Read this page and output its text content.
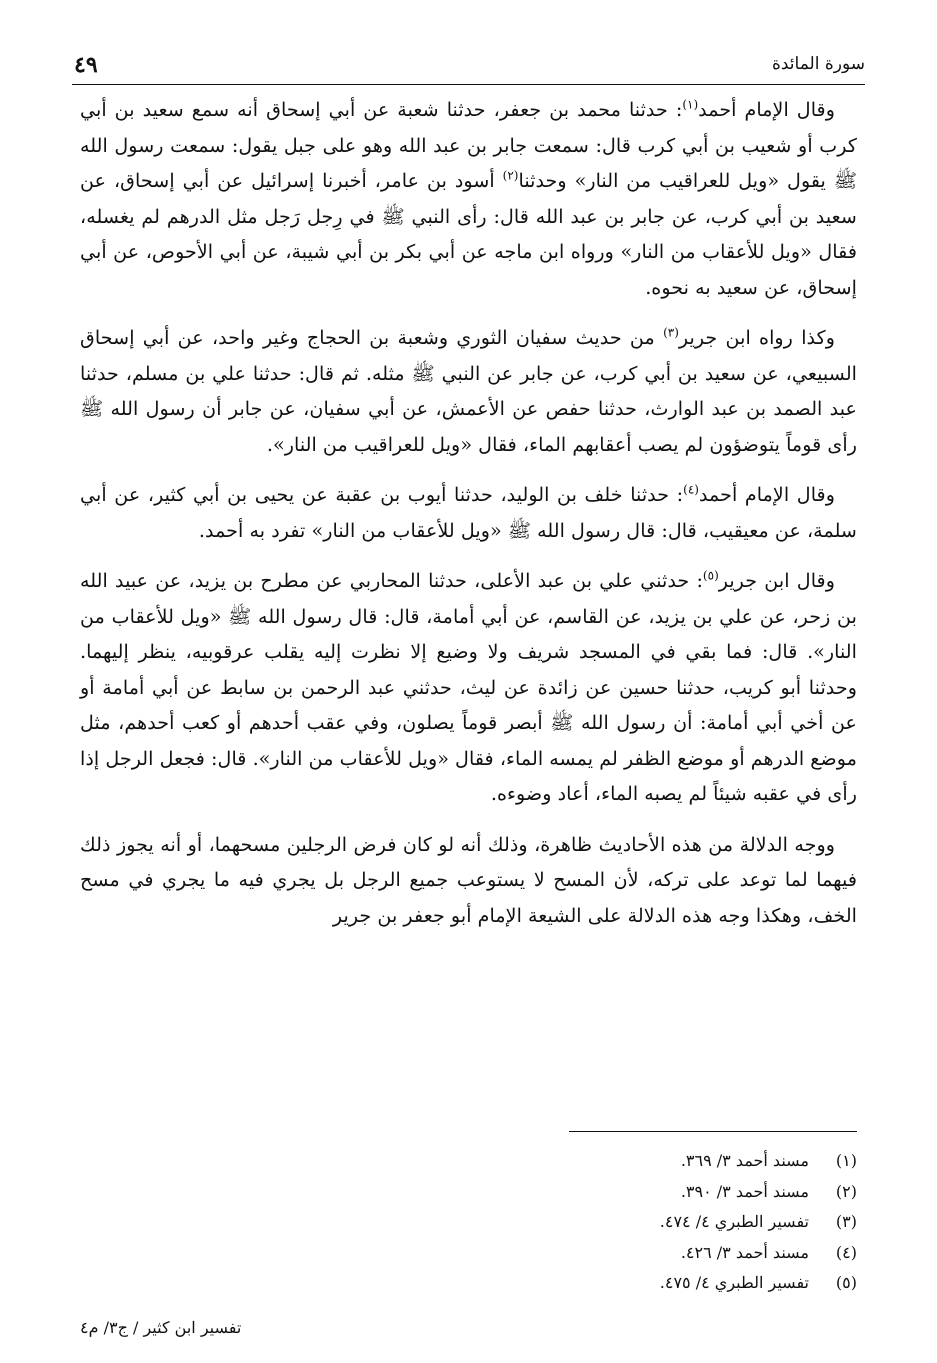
سورة المائدة
٤٩

وقال الإمام أحمد$^{(١)}$: حدثنا محمد بن جعفر، حدثنا شعبة عن أبي إسحاق أنه سمع سعيد بن أبي كرب أو شعيب بن أبي كرب قال: سمعت جابر بن عبد الله وهو على جبل يقول: سمعت رسول الله ﷺ يقول «ويل للعراقيب من النار» وحدثنا$^{(٢)}$ أسود بن عامر، أخبرنا إسرائيل عن أبي إسحاق، عن سعيد بن أبي كرب، عن جابر بن عبد الله قال: رأى النبي ﷺ في رِجل رَجل مثل الدرهم لم يغسله، فقال «ويل للأعقاب من النار» ورواه ابن ماجه عن أبي بكر بن أبي شيبة، عن أبي الأحوص، عن أبي إسحاق، عن سعيد به نحوه.

وكذا رواه ابن جرير$^{(٣)}$ من حديث سفيان الثوري وشعبة بن الحجاج وغير واحد، عن أبي إسحاق السبيعي، عن سعيد بن أبي كرب، عن جابر عن النبي ﷺ مثله. ثم قال: حدثنا علي بن مسلم، حدثنا عبد الصمد بن عبد الوارث، حدثنا حفص عن الأعمش، عن أبي سفيان، عن جابر أن رسول الله ﷺ رأى قوماً يتوضؤون لم يصب أعقابهم الماء، فقال «ويل للعراقيب من النار».

وقال الإمام أحمد$^{(٤)}$: حدثنا خلف بن الوليد، حدثنا أيوب بن عقبة عن يحيى بن أبي كثير، عن أبي سلمة، عن معيقيب، قال: قال رسول الله ﷺ «ويل للأعقاب من النار» تفرد به أحمد.

وقال ابن جرير$^{(٥)}$: حدثني علي بن عبد الأعلى، حدثنا المحاربي عن مطرح بن يزيد، عن عبيد الله بن زحر، عن علي بن يزيد، عن القاسم، عن أبي أمامة، قال: قال رسول الله ﷺ «ويل للأعقاب من النار». قال: فما بقي في المسجد شريف ولا وضيع إلا نظرت إليه يقلب عرقوبيه، ينظر إليهما. وحدثنا أبو كريب، حدثنا حسين عن زائدة عن ليث، حدثني عبد الرحمن بن سابط عن أبي أمامة أو عن أخي أبي أمامة: أن رسول الله ﷺ أبصر قوماً يصلون، وفي عقب أحدهم أو كعب أحدهم، مثل موضع الدرهم أو موضع الظفر لم يمسه الماء، فقال «ويل للأعقاب من النار». قال: فجعل الرجل إذا رأى في عقبه شيئاً لم يصبه الماء، أعاد وضوءه.

ووجه الدلالة من هذه الأحاديث ظاهرة، وذلك أنه لو كان فرض الرجلين مسحهما، أو أنه يجوز ذلك فيهما لما توعد على تركه، لأن المسح لا يستوعب جميع الرجل بل يجري فيه ما يجري في مسح الخف، وهكذا وجه هذه الدلالة على الشيعة الإمام أبو جعفر بن جرير

(١)مسند أحمد ٣/ ٣٦٩.
(٢)مسند أحمد ٣/ ٣٩٠.
(٣)تفسير الطبري ٤/ ٤٧٤.
(٤)مسند أحمد ٣/ ٤٢٦.
(٥)تفسير الطبري ٤/ ٤٧٥.
تفسير ابن كثير / ج٣/ م٤
